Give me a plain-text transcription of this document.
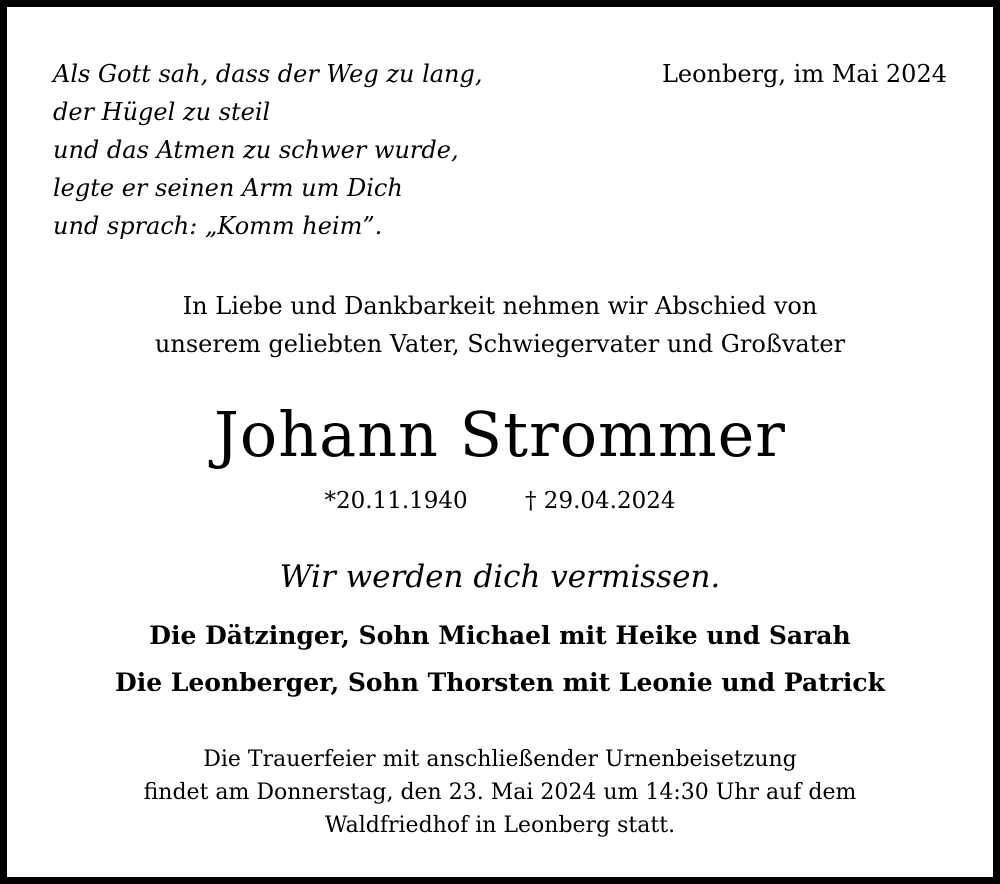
Als Gott sah, dass der Weg zu lang,
der Hügel zu steil
und das Atmen zu schwer wurde,
legte er seinen Arm um Dich
und sprach: „Komm heim”.
Leonberg, im Mai 2024
In Liebe und Dankbarkeit nehmen wir Abschied von
unserem geliebten Vater, Schwiegervater und Großvater
Johann Strommer
*20.11.1940 † 29.04.2024
Wir werden dich vermissen.
Die Dätzinger, Sohn Michael mit Heike und Sarah
Die Leonberger, Sohn Thorsten mit Leonie und Patrick
Die Trauerfeier mit anschließender Urnenbeisetzung
findet am Donnerstag, den 23. Mai 2024 um 14:30 Uhr auf dem
Waldfriedhof in Leonberg statt.
